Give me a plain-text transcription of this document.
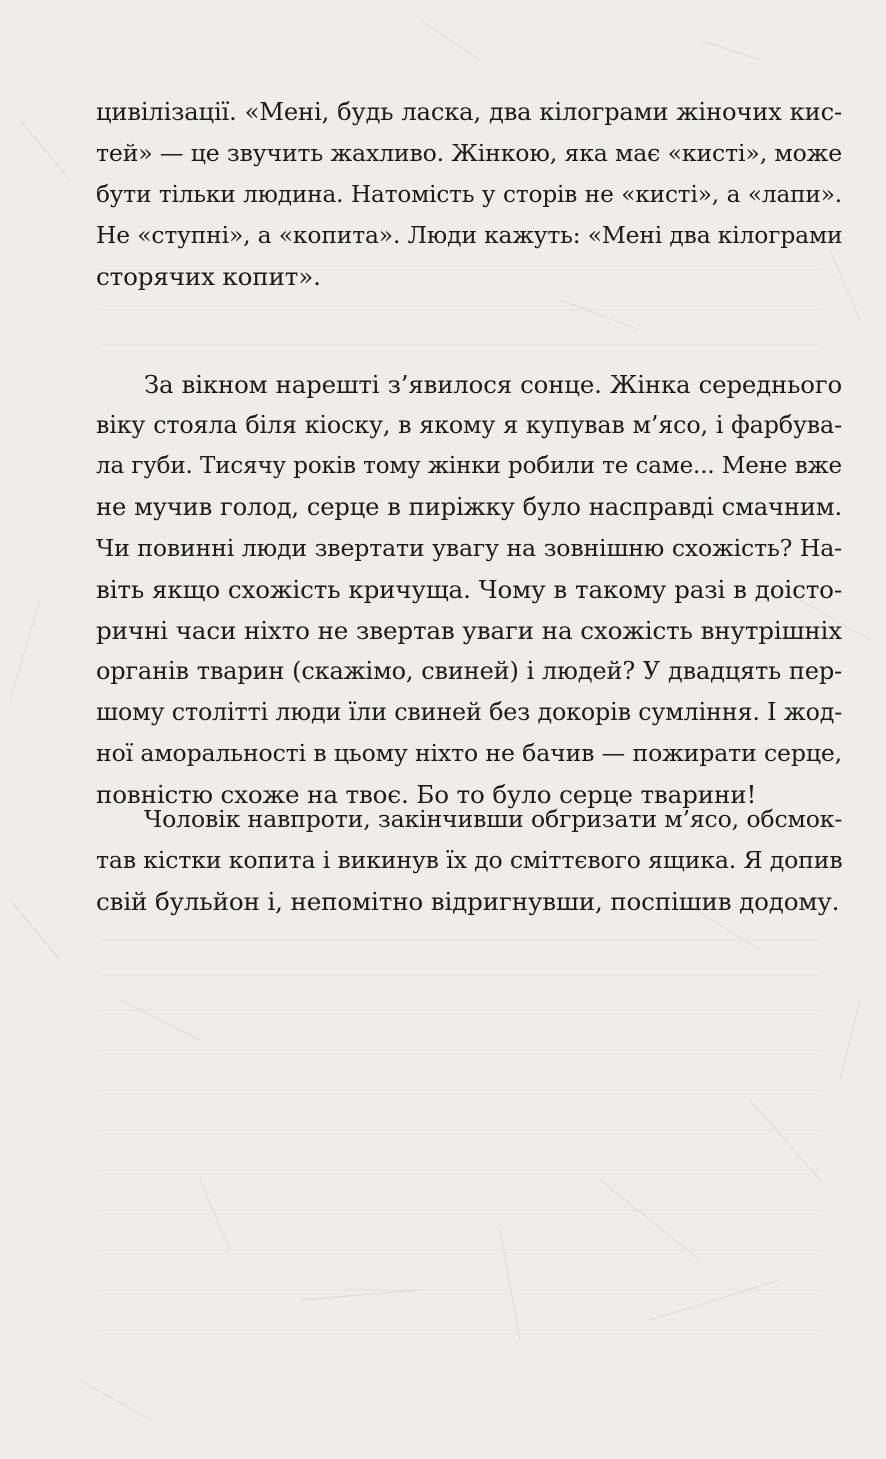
цивілізації. «Мені, будь ласка, два кілограми жіночих кис-
тей» — це звучить жахливо. Жінкою, яка має «кисті», може
бути тільки людина. Натомість у сторів не «кисті», а «лапи».
Не «ступні», а «копита». Люди кажуть: «Мені два кілограми
сторячих копит».
За вікном нарешті з’явилося сонце. Жінка середнього
віку стояла біля кіоску, в якому я купував м’ясо, і фарбува-
ла губи. Тисячу років тому жінки робили те саме... Мене вже
не мучив голод, серце в пиріжку було насправді смачним.
Чи повинні люди звертати увагу на зовнішню схожість? На-
віть якщо схожість кричуща. Чому в такому разі в доісто-
ричні часи ніхто не звертав уваги на схожість внутрішніх
органів тварин (скажімо, свиней) і людей? У двадцять пер-
шому столітті люди їли свиней без докорів сумління. І жод-
ної аморальності в цьому ніхто не бачив — пожирати серце,
повністю схоже на твоє. Бо то було серце тварини!
Чоловік навпроти, закінчивши обгризати м’ясо, обсмок-
тав кістки копита і викинув їх до сміттєвого ящика. Я допив
свій бульйон і, непомітно відригнувши, поспішив додому.
